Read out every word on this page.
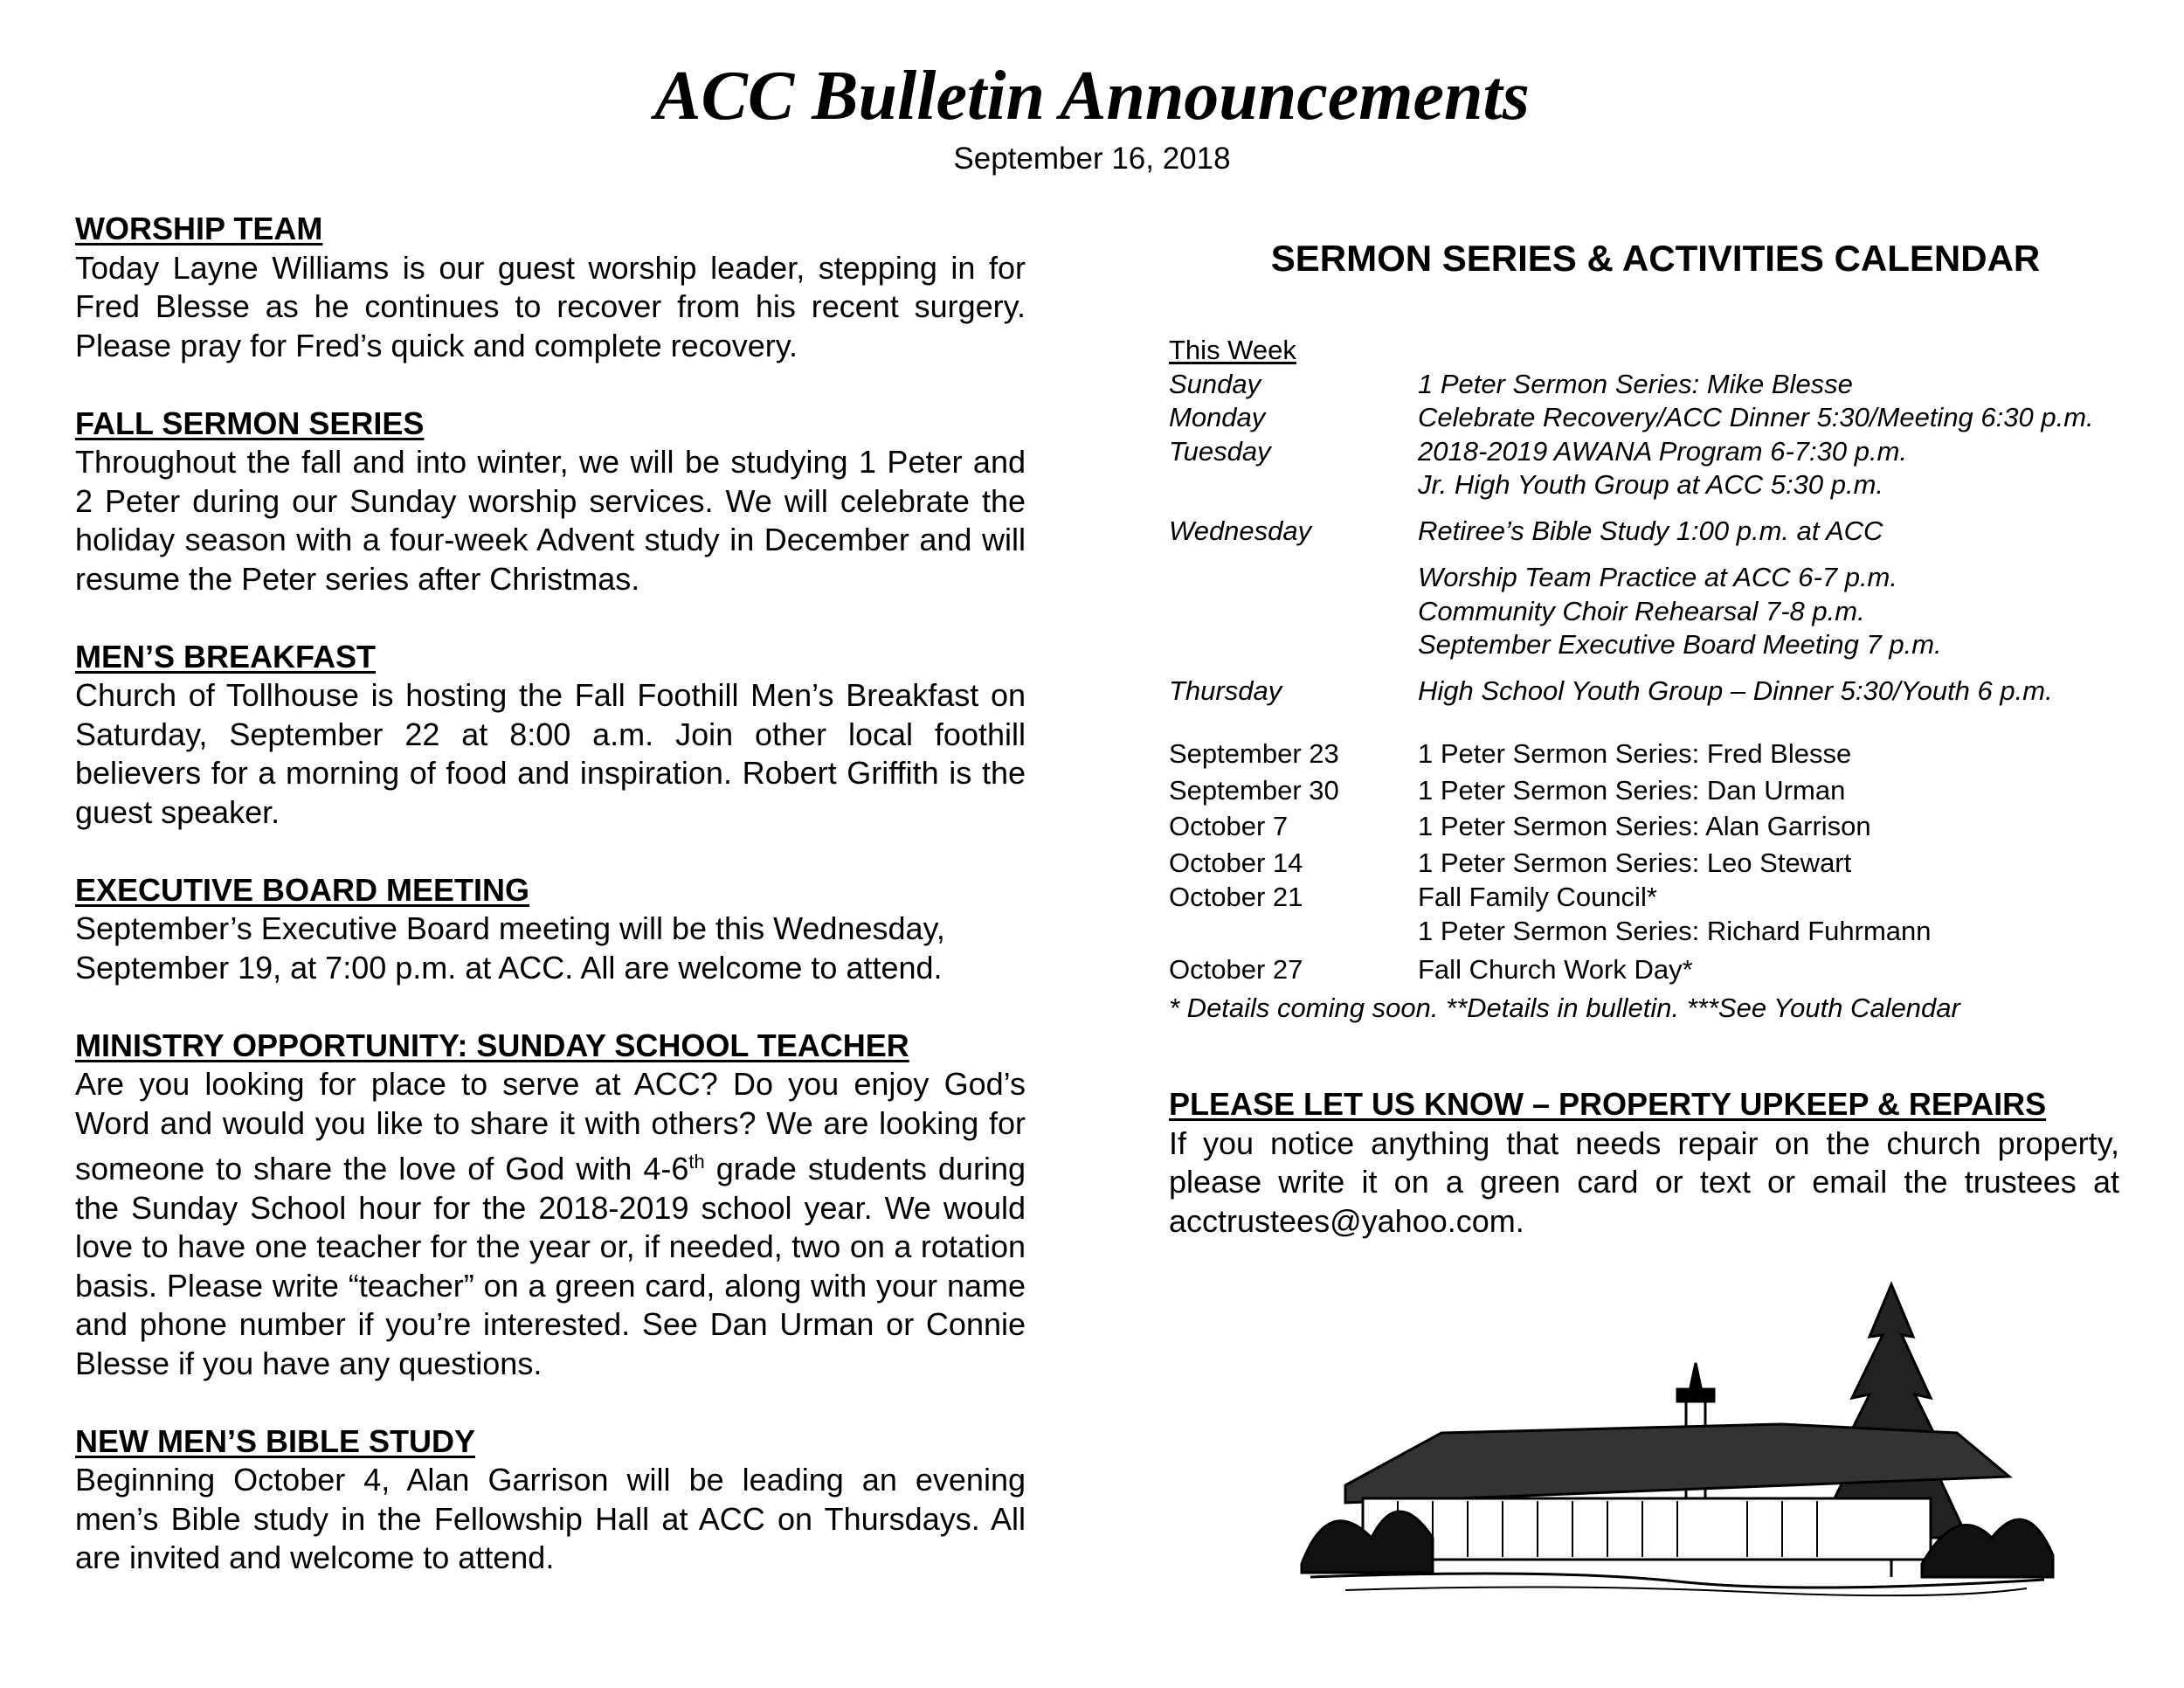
ACC Bulletin Announcements
September 16, 2018
WORSHIP TEAM

Today Layne Williams is our guest worship leader, stepping in for Fred Blesse as he continues to recover from his recent surgery. Please pray for Fred’s quick and complete recovery.

FALL SERMON SERIES

Throughout the fall and into winter, we will be studying 1 Peter and 2 Peter during our Sunday worship services. We will celebrate the holiday season with a four-week Advent study in December and will resume the Peter series after Christmas.

MEN’S BREAKFAST

Church of Tollhouse is hosting the Fall Foothill Men’s Breakfast on Saturday, September 22 at 8:00 a.m. Join other local foothill believers for a morning of food and inspiration. Robert Griffith is the guest speaker.

EXECUTIVE BOARD MEETING

September’s Executive Board meeting will be this Wednesday, September 19, at 7:00 p.m. at ACC. All are welcome to attend.

MINISTRY OPPORTUNITY: SUNDAY SCHOOL TEACHER

Are you looking for place to serve at ACC? Do you enjoy God’s Word and would you like to share it with others? We are looking for someone to share the love of God with 4-6th grade students during the Sunday School hour for the 2018-2019 school year. We would love to have one teacher for the year or, if needed, two on a rotation basis. Please write “teacher” on a green card, along with your name and phone number if you’re interested. See Dan Urman or Connie Blesse if you have any questions.

NEW MEN’S BIBLE STUDY

Beginning October 4, Alan Garrison will be leading an evening men’s Bible study in the Fellowship Hall at ACC on Thursdays. All are invited and welcome to attend.

SERMON SERIES & ACTIVITIES CALENDAR
This Week
Sunday	1 Peter Sermon Series: Mike Blesse
Monday	Celebrate Recovery/ACC Dinner 5:30/Meeting 6:30 p.m.
Tuesday	2018-2019 AWANA Program 6-7:30 p.m.
Jr. High Youth Group at ACC 5:30 p.m.
Wednesday	Retiree’s Bible Study 1:00 p.m. at ACC
Worship Team Practice at ACC 6-7 p.m.
Community Choir Rehearsal 7-8 p.m.
September Executive Board Meeting 7 p.m.
Thursday	High School Youth Group – Dinner 5:30/Youth 6 p.m.
September 23	1 Peter Sermon Series: Fred Blesse
September 30	1 Peter Sermon Series: Dan Urman
October 7	1 Peter Sermon Series: Alan Garrison
October 14	1 Peter Sermon Series: Leo Stewart
October 21	Fall Family Council*
1 Peter Sermon Series: Richard Fuhrmann
October 27	Fall Church Work Day*
* Details coming soon. **Details in bulletin. ***See Youth Calendar
PLEASE LET US KNOW – PROPERTY UPKEEP & REPAIRS

If you notice anything that needs repair on the church property, please write it on a green card or text or email the trustees at acctrustees@yahoo.com.
